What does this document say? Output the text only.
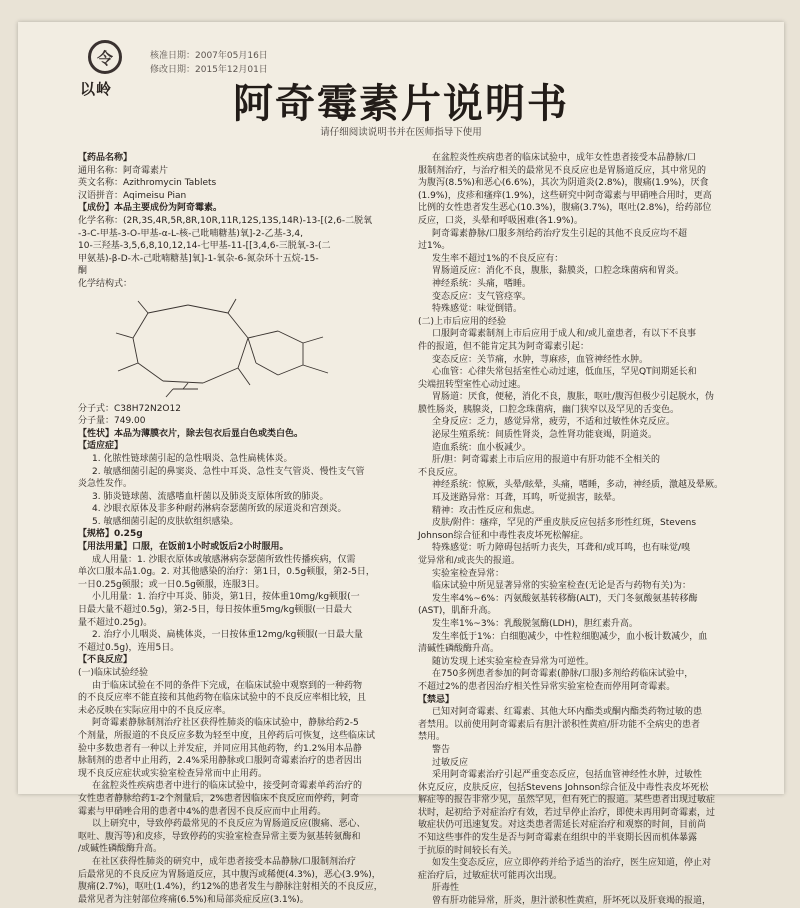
令
以岭
核准日期：2007年05月16日
修改日期：2015年12月01日
阿奇霉素片说明书
请仔细阅读说明书并在医师指导下使用
【药品名称】
通用名称：阿奇霉素片
英文名称：Azithromycin Tablets
汉语拼音：Aqimeisu Pian
【成份】本品主要成份为阿奇霉素。
化学名称：(2R,3S,4R,5R,8R,10R,11R,12S,13S,14R)-13-[(2,6-二脱氧
-3-C-甲基-3-O-甲基-α-L-核-己吡喃糖基)氧]-2-乙基-3,4,
10-三羟基-3,5,6,8,10,12,14-七甲基-11-[[3,4,6-三脱氧-3-(二
甲氨基)-β-D-木-己吡喃糖基]氧]-1-氧杂-6-氮杂环十五烷-15-
酮
化学结构式：
分子式：C38H72N2O12
分子量：749.00
【性状】本品为薄膜衣片，除去包衣后显白色或类白色。
【适应症】
1. 化脓性链球菌引起的急性咽炎、急性扁桃体炎。
2. 敏感细菌引起的鼻窦炎、急性中耳炎、急性支气管炎、慢性支气管
炎急性发作。
3. 肺炎链球菌、流感嗜血杆菌以及肺炎支原体所致的肺炎。
4. 沙眼衣原体及非多种耐药淋病奈瑟菌所致的尿道炎和宫颈炎。
5. 敏感细菌引起的皮肤软组织感染。
【规格】0.25g
【用法用量】口服，在饭前1小时或饭后2小时服用。
成人用量：1. 沙眼衣原体或敏感淋病奈瑟菌所致性传播疾病，仅需
单次口服本品1.0g。2. 对其他感染的治疗：第1日，0.5g顿服，第2-5日，
一日0.25g顿服；或一日0.5g顿服，连服3日。
小儿用量：1. 治疗中耳炎、肺炎，第1日，按体重10mg/kg顿服(一
日最大量不超过0.5g)，第2-5日，每日按体重5mg/kg顿服(一日最大
量不超过0.25g)。
2. 治疗小儿咽炎、扁桃体炎，一日按体重12mg/kg顿服(一日最大量
不超过0.5g)，连用5日。
【不良反应】
(一)临床试验经验
由于临床试验在不同的条件下完成，在临床试验中观察到的一种药物
的不良反应率不能直接和其他药物在临床试验中的不良反应率相比较，且
未必反映在实际应用中的不良反应率。
阿奇霉素静脉制剂治疗社区获得性肺炎的临床试验中，静脉给药2-5
个剂量，所报道的不良反应多数为轻至中度，且停药后可恢复，这些临床试
验中多数患者有一种以上并发症，并同应用其他药物，约1.2%用本品静
脉制剂的患者中止用药，2.4%采用静脉或口服阿奇霉素治疗的患者因出
现不良反应症状或实验室检查异常而中止用药。
在盆腔炎性疾病患者中进行的临床试验中，接受阿奇霉素单药治疗的
女性患者静脉给药1-2个剂量后，2%患者因临床不良反应而停药，阿奇
霉素与甲硝唑合用的患者中4%的患者因不良反应而中止用药。
以上研究中，导致停药最常见的不良反应为胃肠道反应(腹痛、恶心、
呕吐、腹泻等)和皮疹，导致停药的实验室检查异常主要为氨基转氨酶和
/或碱性磷酸酶升高。
在社区获得性肺炎的研究中，成年患者接受本品静脉/口服制剂治疗
后最常见的不良反应为胃肠道反应，其中腹泻或稀便(4.3%)，恶心(3.9%)，
腹痛(2.7%)，呕吐(1.4%)，约12%的患者发生与静脉注射相关的不良反应，
最常见者为注射部位疼痛(6.5%)和局部炎症反应(3.1%)。
在盆腔炎性疾病患者的临床试验中，成年女性患者接受本品静脉/口
服制剂治疗，与治疗相关的最常见不良反应也是胃肠道反应，其中常见的
为腹泻(8.5%)和恶心(6.6%)，其次为阴道炎(2.8%)，腹痛(1.9%)，厌食
(1.9%)，皮疹和瘙痒(1.9%)，这些研究中阿奇霉素与甲硝唑合用时，更高
比例的女性患者发生恶心(10.3%)，腹痛(3.7%)，呕吐(2.8%)，给药部位
反应，口炎，头晕和呼吸困难(各1.9%)。
阿奇霉素静脉/口服多剂给药治疗发生引起的其他不良反应均不超
过1%。
发生率不超过1%的不良反应有：
胃肠道反应：消化不良，腹胀，黏膜炎，口腔念珠菌病和胃炎。
神经系统：头痛，嗜睡。
变态反应：支气管痉挛。
特殊感觉：味觉倒错。
(二)上市后应用的经验
口服阿奇霉素制剂上市后应用于成人和/或儿童患者，有以下不良事
件的报道，但不能肯定其为阿奇霉素引起：
变态反应：关节痛，水肿，荨麻疹，血管神经性水肿。
心血管：心律失常包括室性心动过速，低血压，罕见QT间期延长和
尖端扭转型室性心动过速。
胃肠道：厌食，便秘，消化不良，腹胀，呕吐/腹泻但极少引起脱水，伪
膜性肠炎，胰腺炎，口腔念珠菌病，幽门狭窄以及罕见的舌变色。
全身反应：乏力，感觉异常，疲劳，不适和过敏性休克反应。
泌尿生殖系统：间质性肾炎，急性肾功能衰竭，阴道炎。
造血系统：血小板减少。
肝/胆：阿奇霉素上市后应用的报道中有肝功能不全相关的
不良反应。
神经系统：惊厥，头晕/眩晕，头痛，嗜睡，多动，神经质，激越及晕厥。
耳及迷路异常：耳聋，耳鸣，听觉损害，眩晕。
精神：攻击性反应和焦虑。
皮肤/附件：瘙痒，罕见的严重皮肤反应包括多形性红斑，Stevens
Johnson综合征和中毒性表皮坏死松解症。
特殊感觉：听力障碍包括听力丧失，耳聋和/或耳鸣，也有味觉/嗅
觉异常和/或丧失的报道。
实验室检查异常：
临床试验中所见显著异常的实验室检查(无论是否与药物有关)为：
发生率4%~6%：丙氨酸氨基转移酶(ALT)，天门冬氨酸氨基转移酶
(AST)，肌酐升高。
发生率1%~3%：乳酸脱氢酶(LDH)，胆红素升高。
发生率低于1%：白细胞减少，中性粒细胞减少，血小板计数减少，血
清碱性磷酸酶升高。
随访发现上述实验室检查异常为可逆性。
在750多例患者参加的阿奇霉素(静脉/口服)多剂给药临床试验中，
不超过2%的患者因治疗相关性异常实验室检查而停用阿奇霉素。
【禁忌】
已知对阿奇霉素、红霉素、其他大环内酯类或酮内酯类药物过敏的患
者禁用。以前使用阿奇霉素后有胆汁淤积性黄疸/肝功能不全病史的患者
禁用。
警告
过敏反应
采用阿奇霉素治疗引起严重变态反应，包括血管神经性水肿，过敏性
休克反应，皮肤反应，包括Stevens Johnson综合征及中毒性表皮坏死松
解症等的报告非常少见，虽然罕见，但有死亡的报道。某些患者出现过敏症
状时，起初给予对症治疗有效，若过早停止治疗，即使未再用阿奇霉素，过
敏症状仍可迅速复发。对这类患者需延长对症治疗和观察的时间，目前尚
不知这些事件的发生是否与阿奇霉素在组织中的半衰期长因而机体暴露
于抗原的时间较长有关。
如发生变态反应，应立即停药并给予适当的治疗，医生应知道，停止对
症治疗后，过敏症状可能再次出现。
肝毒性
曾有肝功能异常，肝炎，胆汁淤积性黄疸，肝坏死以及肝衰竭的报道，
